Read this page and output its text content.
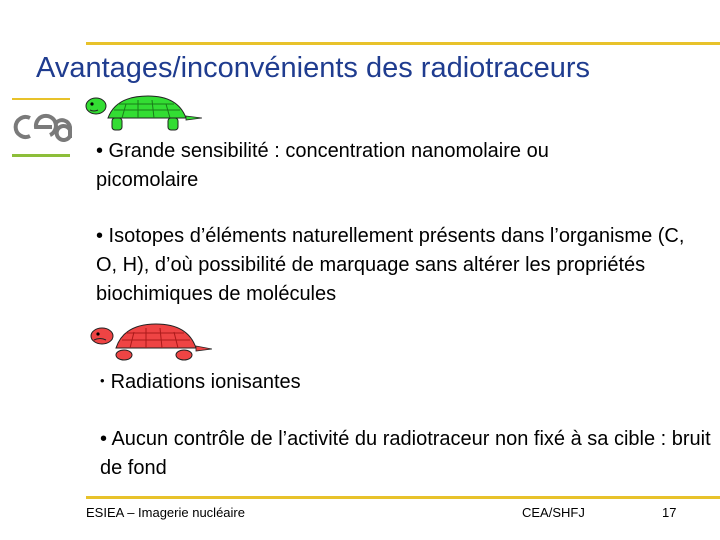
Avantages/inconvénients des radiotraceurs
• Grande sensibilité : concentration nanomolaire ou picomolaire
• Isotopes d’éléments naturellement présents dans l’organisme (C, O, H), d’où possibilité de marquage sans altérer les propriétés biochimiques de molécules
• Radiations ionisantes
• Aucun contrôle de l’activité du radiotraceur non fixé à sa cible : bruit de fond
ESIEA – Imagerie nucléaire	CEA/SHFJ	17
